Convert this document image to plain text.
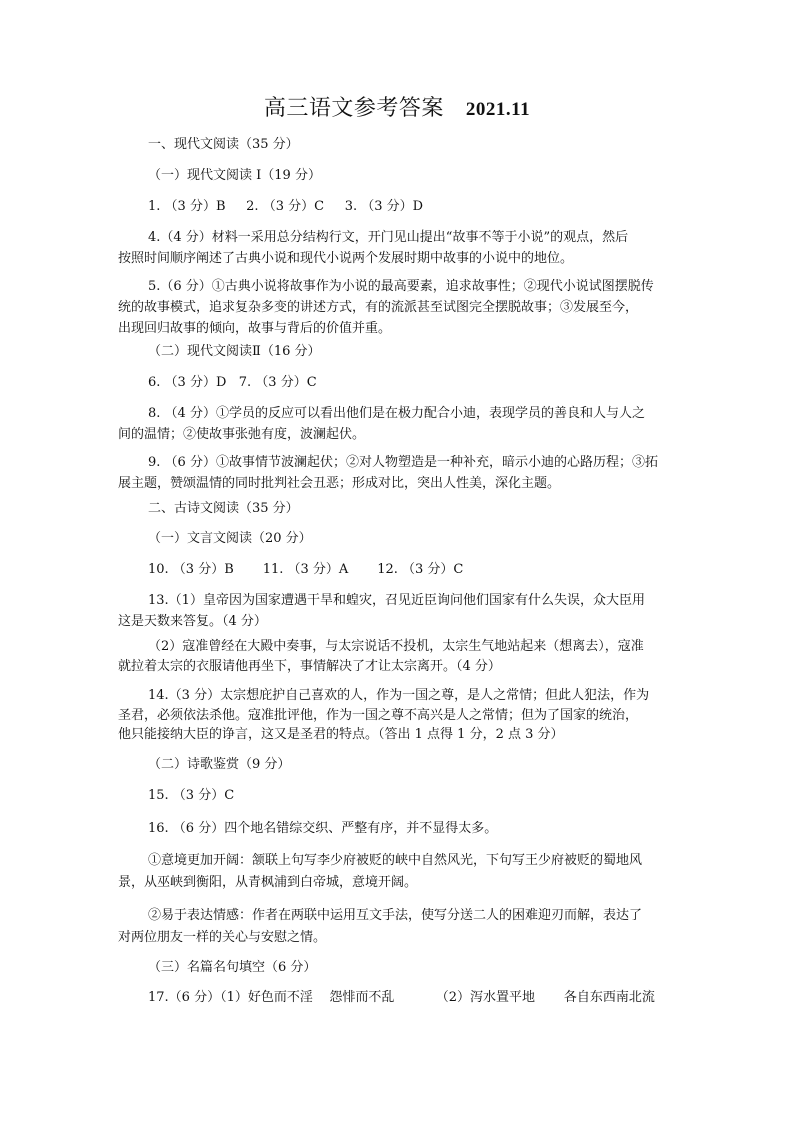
高三语文参考答案 2021.11
一、现代文阅读（35 分）
（一）现代文阅读 Ⅰ（19 分）
1. （3 分）B     2. （3 分）C     3. （3 分）D
4.（4 分）材料一采用总分结构行文，开门见山提出“故事不等于小说”的观点，然后
按照时间顺序阐述了古典小说和现代小说两个发展时期中故事的小说中的地位。
5.（6 分）①古典小说将故事作为小说的最高要素，追求故事性；②现代小说试图摆脱传
统的故事模式，追求复杂多变的讲述方式，有的流派甚至试图完全摆脱故事；③发展至今，
出现回归故事的倾向，故事与背后的价值并重。
（二）现代文阅读Ⅱ（16 分）
6. （3 分）D   7. （3 分）C
8. （4 分）①学员的反应可以看出他们是在极力配合小迪，表现学员的善良和人与人之
间的温情；②使故事张弛有度，波澜起伏。
9. （6 分）①故事情节波澜起伏；②对人物塑造是一种补充，暗示小迪的心路历程；③拓
展主题，赞颂温情的同时批判社会丑恶；形成对比，突出人性美，深化主题。
二、古诗文阅读（35 分）
（一）文言文阅读（20 分）
10. （3 分）B       11. （3 分）A       12. （3 分）C
13.（1）皇帝因为国家遭遇干旱和蝗灾，召见近臣询问他们国家有什么失误，众大臣用
这是天数来答复。（4 分）
（2）寇准曾经在大殿中奏事，与太宗说话不投机，太宗生气地站起来（想离去），寇准
就拉着太宗的衣服请他再坐下，事情解决了才让太宗离开。（4 分）
14.（3 分）太宗想庇护自己喜欢的人，作为一国之尊，是人之常情；但此人犯法，作为
圣君，必须依法杀他。寇准批评他，作为一国之尊不高兴是人之常情；但为了国家的统治，
他只能接纳大臣的诤言，这又是圣君的特点。（答出 1 点得 1 分，2 点 3 分）
（二）诗歌鉴赏（9 分）
15. （3 分）C
16. （6 分）四个地名错综交织、严整有序，并不显得太多。
①意境更加开阔：颔联上句写李少府被贬的峡中自然风光，下句写王少府被贬的蜀地风
景，从巫峡到衡阳，从青枫浦到白帝城，意境开阔。
②易于表达情感：作者在两联中运用互文手法，使写分送二人的困难迎刃而解，表达了
对两位朋友一样的关心与安慰之情。
（三）名篇名句填空（6 分）
17.（6 分）（1）好色而不淫    怨悱而不乱          （2）泻水置平地       各自东西南北流
